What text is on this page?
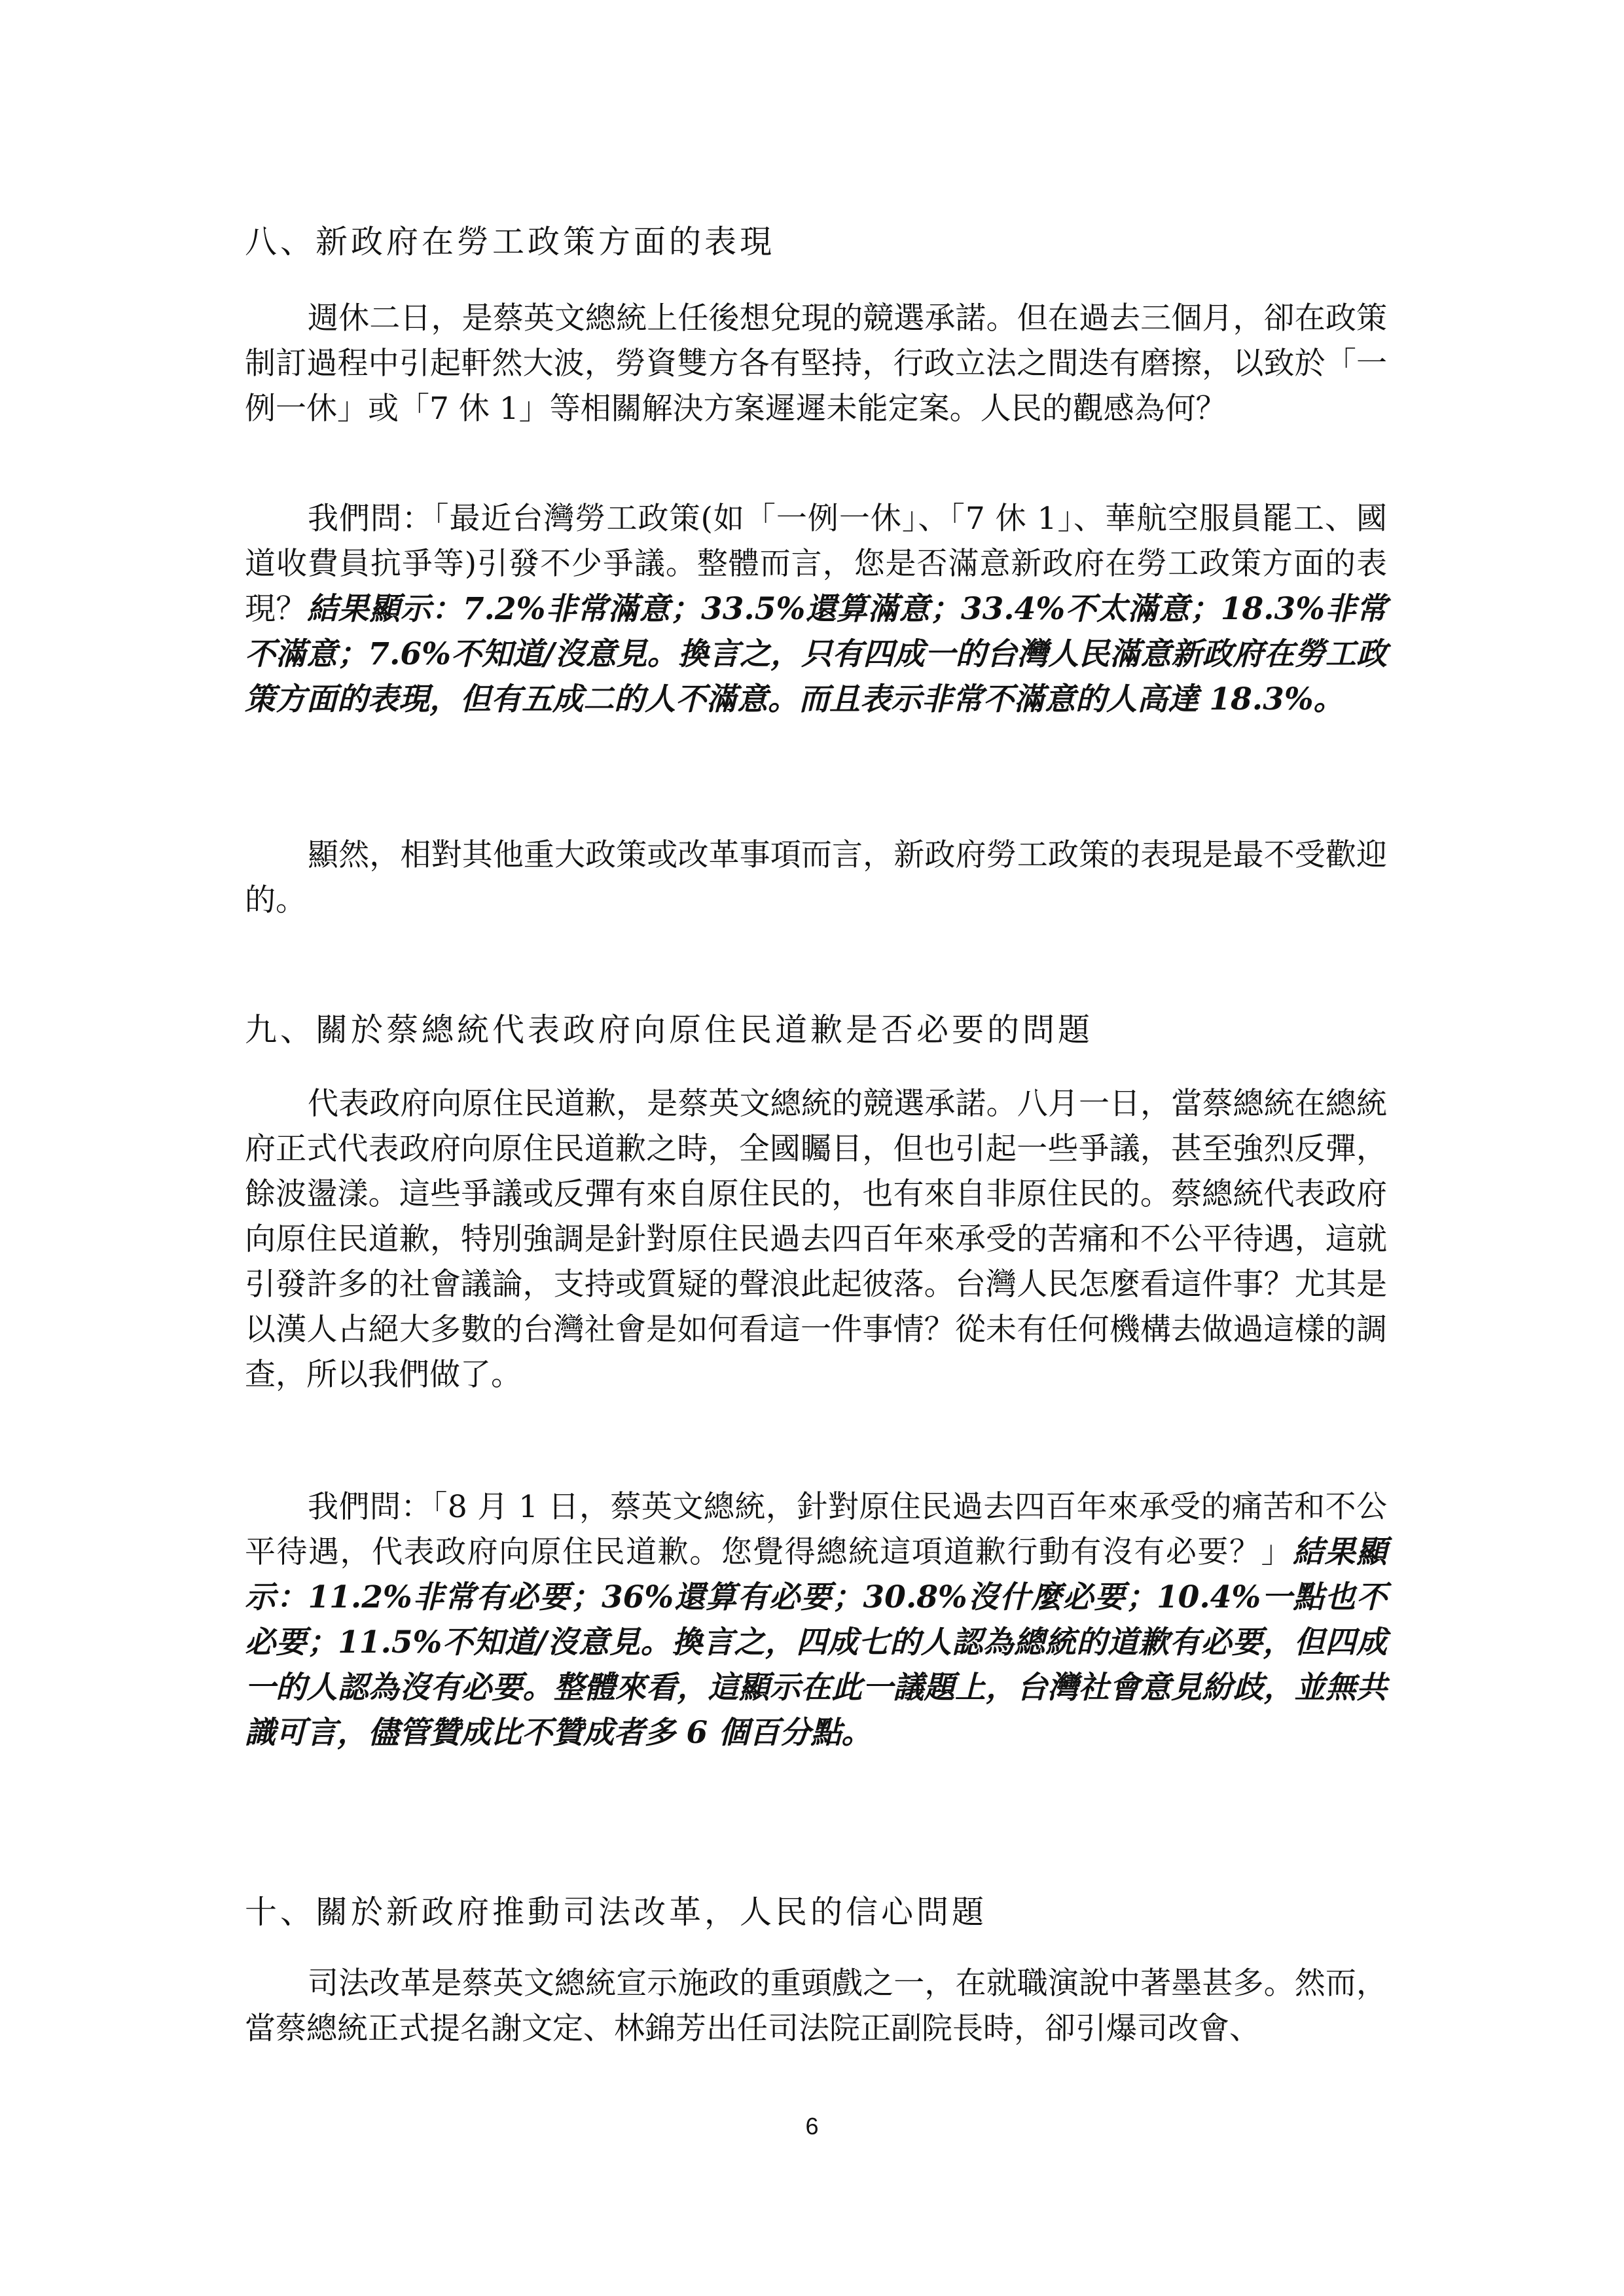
八、新政府在勞工政策方面的表現
週休二日，是蔡英文總統上任後想兌現的競選承諾。但在過去三個月，卻在政策制訂過程中引起軒然大波，勞資雙方各有堅持，行政立法之間迭有磨擦，以致於「一例一休」或「7 休 1」等相關解決方案遲遲未能定案。人民的觀感為何？
我們問：「最近台灣勞工政策(如「一例一休」、「7 休 1」、華航空服員罷工、國道收費員抗爭等)引發不少爭議。整體而言，您是否滿意新政府在勞工政策方面的表現？結果顯示：7.2%非常滿意；33.5%還算滿意；33.4%不太滿意；18.3%非常不滿意；7.6%不知道/沒意見。換言之，只有四成一的台灣人民滿意新政府在勞工政策方面的表現，但有五成二的人不滿意。而且表示非常不滿意的人高達 18.3%。
顯然，相對其他重大政策或改革事項而言，新政府勞工政策的表現是最不受歡迎的。
九、關於蔡總統代表政府向原住民道歉是否必要的問題
代表政府向原住民道歉，是蔡英文總統的競選承諾。八月一日，當蔡總統在總統府正式代表政府向原住民道歉之時，全國矚目，但也引起一些爭議，甚至強烈反彈，餘波盪漾。這些爭議或反彈有來自原住民的，也有來自非原住民的。蔡總統代表政府向原住民道歉，特別強調是針對原住民過去四百年來承受的苦痛和不公平待遇，這就引發許多的社會議論，支持或質疑的聲浪此起彼落。台灣人民怎麼看這件事？尤其是以漢人占絕大多數的台灣社會是如何看這一件事情？從未有任何機構去做過這樣的調查，所以我們做了。
我們問：「8 月 1 日，蔡英文總統，針對原住民過去四百年來承受的痛苦和不公平待遇，代表政府向原住民道歉。您覺得總統這項道歉行動有沒有必要？」結果顯示：11.2%非常有必要；36%還算有必要；30.8%沒什麼必要；10.4%一點也不必要；11.5%不知道/沒意見。換言之，四成七的人認為總統的道歉有必要，但四成一的人認為沒有必要。整體來看，這顯示在此一議題上，台灣社會意見紛歧，並無共識可言，儘管贊成比不贊成者多 6 個百分點。
十、關於新政府推動司法改革，人民的信心問題
司法改革是蔡英文總統宣示施政的重頭戲之一，在就職演說中著墨甚多。然而，當蔡總統正式提名謝文定、林錦芳出任司法院正副院長時，卻引爆司改會、
6
